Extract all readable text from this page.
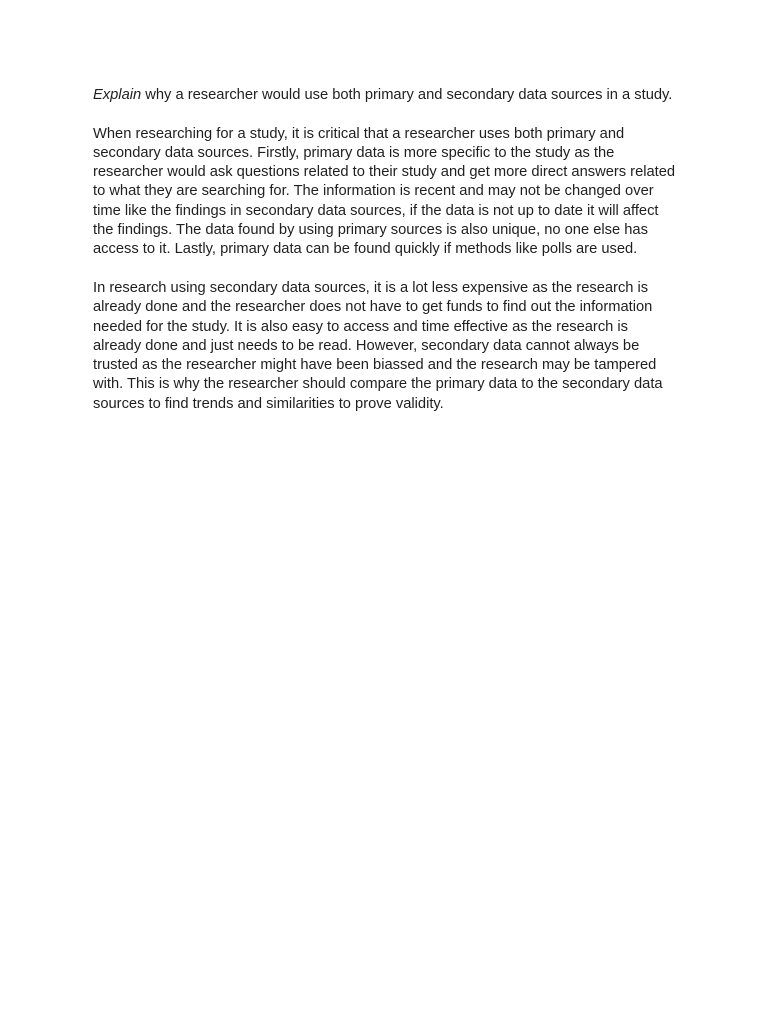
Explain why a researcher would use both primary and secondary data sources in a study.

When researching for a study, it is critical that a researcher uses both primary and secondary data sources. Firstly, primary data is more specific to the study as the researcher would ask questions related to their study and get more direct answers related to what they are searching for. The information is recent and may not be changed over time like the findings in secondary data sources, if the data is not up to date it will affect the findings. The data found by using primary sources is also unique, no one else has access to it. Lastly, primary data can be found quickly if methods like polls are used.

In research using secondary data sources, it is a lot less expensive as the research is already done and the researcher does not have to get funds to find out the information needed for the study. It is also easy to access and time effective as the research is already done and just needs to be read. However, secondary data cannot always be trusted as the researcher might have been biassed and the research may be tampered with. This is why the researcher should compare the primary data to the secondary data sources to find trends and similarities to prove validity.
